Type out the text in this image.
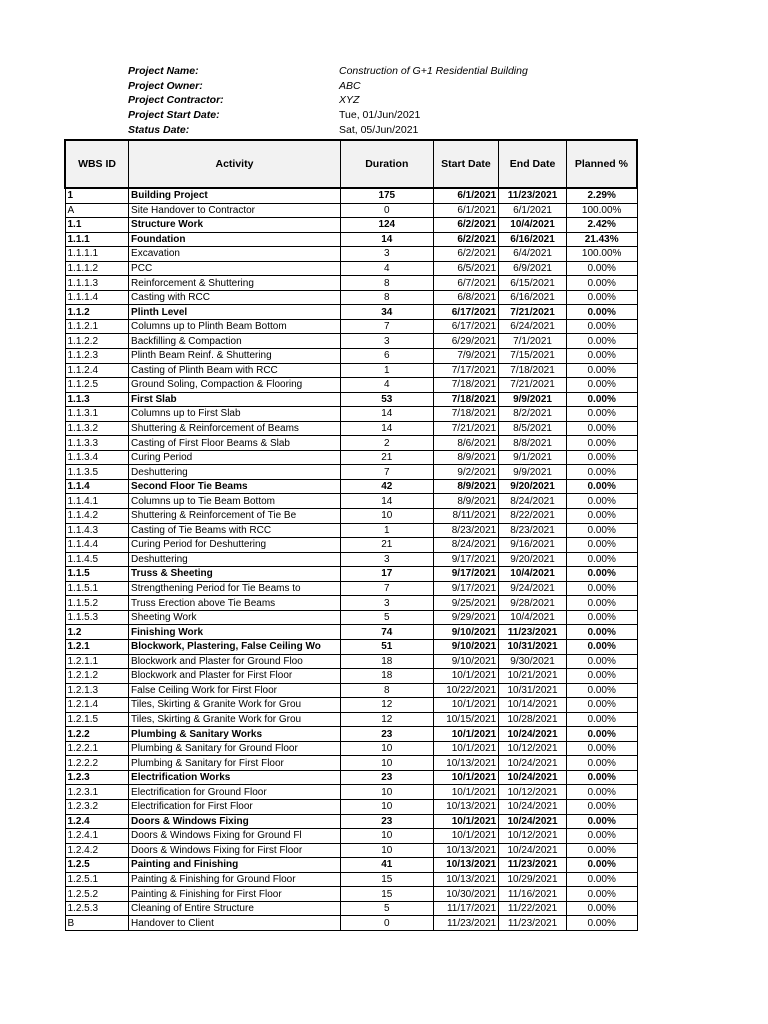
Project Name:	Construction of G+1 Residential Building
Project Owner:	ABC
Project Contractor:	XYZ
Project Start Date:	Tue, 01/Jun/2021
Status Date:	Sat, 05/Jun/2021
WBS ID	Activity	Duration	Start Date	End Date	Planned %
1	Building Project	175	6/1/2021	11/23/2021	2.29%
A	Site Handover to Contractor	0	6/1/2021	6/1/2021	100.00%
1.1	Structure Work	124	6/2/2021	10/4/2021	2.42%
1.1.1	Foundation	14	6/2/2021	6/16/2021	21.43%
1.1.1.1	Excavation	3	6/2/2021	6/4/2021	100.00%
1.1.1.2	PCC	4	6/5/2021	6/9/2021	0.00%
1.1.1.3	Reinforcement & Shuttering	8	6/7/2021	6/15/2021	0.00%
1.1.1.4	Casting with RCC	8	6/8/2021	6/16/2021	0.00%
1.1.2	Plinth Level	34	6/17/2021	7/21/2021	0.00%
1.1.2.1	Columns up to Plinth Beam Bottom	7	6/17/2021	6/24/2021	0.00%
1.1.2.2	Backfilling & Compaction	3	6/29/2021	7/1/2021	0.00%
1.1.2.3	Plinth Beam Reinf. & Shuttering	6	7/9/2021	7/15/2021	0.00%
1.1.2.4	Casting of Plinth Beam with RCC	1	7/17/2021	7/18/2021	0.00%
1.1.2.5	Ground Soling, Compaction & Flooring	4	7/18/2021	7/21/2021	0.00%
1.1.3	First Slab	53	7/18/2021	9/9/2021	0.00%
1.1.3.1	Columns up to First Slab	14	7/18/2021	8/2/2021	0.00%
1.1.3.2	Shuttering & Reinforcement of Beams	14	7/21/2021	8/5/2021	0.00%
1.1.3.3	Casting of First Floor Beams & Slab	2	8/6/2021	8/8/2021	0.00%
1.1.3.4	Curing Period	21	8/9/2021	9/1/2021	0.00%
1.1.3.5	Deshuttering	7	9/2/2021	9/9/2021	0.00%
1.1.4	Second Floor Tie Beams	42	8/9/2021	9/20/2021	0.00%
1.1.4.1	Columns up to Tie Beam Bottom	14	8/9/2021	8/24/2021	0.00%
1.1.4.2	Shuttering & Reinforcement of Tie Be	10	8/11/2021	8/22/2021	0.00%
1.1.4.3	Casting of Tie Beams with RCC	1	8/23/2021	8/23/2021	0.00%
1.1.4.4	Curing Period for Deshuttering	21	8/24/2021	9/16/2021	0.00%
1.1.4.5	Deshuttering	3	9/17/2021	9/20/2021	0.00%
1.1.5	Truss & Sheeting	17	9/17/2021	10/4/2021	0.00%
1.1.5.1	Strengthening Period for Tie Beams to	7	9/17/2021	9/24/2021	0.00%
1.1.5.2	Truss Erection above Tie Beams	3	9/25/2021	9/28/2021	0.00%
1.1.5.3	Sheeting Work	5	9/29/2021	10/4/2021	0.00%
1.2	Finishing Work	74	9/10/2021	11/23/2021	0.00%
1.2.1	Blockwork, Plastering, False Ceiling Wo	51	9/10/2021	10/31/2021	0.00%
1.2.1.1	Blockwork and Plaster for Ground Floo	18	9/10/2021	9/30/2021	0.00%
1.2.1.2	Blockwork and Plaster for First Floor	18	10/1/2021	10/21/2021	0.00%
1.2.1.3	False Ceiling Work for First Floor	8	10/22/2021	10/31/2021	0.00%
1.2.1.4	Tiles, Skirting & Granite Work for Grou	12	10/1/2021	10/14/2021	0.00%
1.2.1.5	Tiles, Skirting & Granite Work for Grou	12	10/15/2021	10/28/2021	0.00%
1.2.2	Plumbing & Sanitary Works	23	10/1/2021	10/24/2021	0.00%
1.2.2.1	Plumbing & Sanitary for Ground Floor	10	10/1/2021	10/12/2021	0.00%
1.2.2.2	Plumbing & Sanitary for First Floor	10	10/13/2021	10/24/2021	0.00%
1.2.3	Electrification Works	23	10/1/2021	10/24/2021	0.00%
1.2.3.1	Electrification for Ground Floor	10	10/1/2021	10/12/2021	0.00%
1.2.3.2	Electrification for First Floor	10	10/13/2021	10/24/2021	0.00%
1.2.4	Doors & Windows Fixing	23	10/1/2021	10/24/2021	0.00%
1.2.4.1	Doors & Windows Fixing for Ground Fl	10	10/1/2021	10/12/2021	0.00%
1.2.4.2	Doors & Windows Fixing for First Floor	10	10/13/2021	10/24/2021	0.00%
1.2.5	Painting and Finishing	41	10/13/2021	11/23/2021	0.00%
1.2.5.1	Painting & Finishing for Ground Floor	15	10/13/2021	10/29/2021	0.00%
1.2.5.2	Painting & Finishing for First Floor	15	10/30/2021	11/16/2021	0.00%
1.2.5.3	Cleaning of Entire Structure	5	11/17/2021	11/22/2021	0.00%
B	Handover to Client	0	11/23/2021	11/23/2021	0.00%
